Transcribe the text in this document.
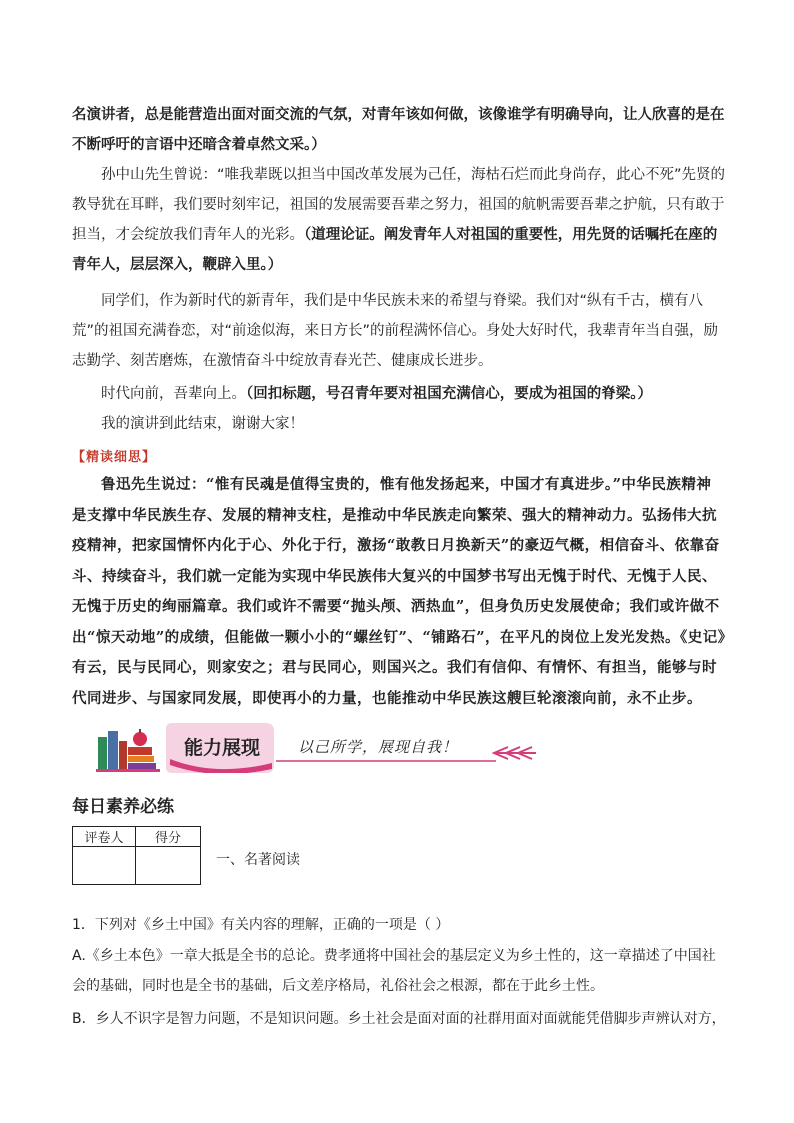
名演讲者，总是能营造出面对面交流的气氛，对青年该如何做，该像谁学有明确导向，让人欣喜的是在不断呼吁的言语中还暗含着卓然文采。）

孙中山先生曾说：“唯我辈既以担当中国改革发展为己任，海枯石烂而此身尚存，此心不死”先贤的教导犹在耳畔，我们要时刻牢记，祖国的发展需要吾辈之努力，祖国的航帆需要吾辈之护航，只有敢于担当，才会绽放我们青年人的光彩。（道理论证。阐发青年人对祖国的重要性，用先贤的话嘱托在座的青年人，层层深入，鞭辟入里。）

同学们，作为新时代的新青年，我们是中华民族未来的希望与脊梁。我们对“纵有千古，横有八荒”的祖国充满眷恋，对“前途似海，来日方长”的前程满怀信心。身处大好时代，我辈青年当自强，励志勤学、刻苦磨炼，在激情奋斗中绽放青春光芒、健康成长进步。

时代向前，吾辈向上。（回扣标题，号召青年要对祖国充满信心，要成为祖国的脊梁。）

我的演讲到此结束，谢谢大家！

【精读细思】

鲁迅先生说过：“惟有民魂是值得宝贵的，惟有他发扬起来，中国才有真进步。”中华民族精神是支撑中华民族生存、发展的精神支柱，是推动中华民族走向繁荣、强大的精神动力。弘扬伟大抗疫精神，把家国情怀内化于心、外化于行，激扬“敢教日月换新天”的豪迈气概，相信奋斗、依靠奋斗、持续奋斗，我们就一定能为实现中华民族伟大复兴的中国梦书写出无愧于时代、无愧于人民、无愧于历史的绚丽篇章。我们或许不需要“抛头颅、洒热血”，但身负历史发展使命；我们或许做不出“惊天动地”的成绩，但能做一颗小小的“螺丝钉”、“铺路石”，在平凡的岗位上发光发热。《史记》有云，民与民同心，则家安之；君与民同心，则国兴之。我们有信仰、有情怀、有担当，能够与时代同进步、与国家同发展，即使再小的力量，也能推动中华民族这艘巨轮滚滚向前，永不止步。

能力展现	以己所学，展现自我！
每日素养必练
评卷人	得分

一、名著阅读

1．下列对《乡土中国》有关内容的理解，正确的一项是（ ）

A.《乡土本色》一章大抵是全书的总论。费孝通将中国社会的基层定义为乡土性的，这一章描述了中国社会的基础，同时也是全书的基础，后文差序格局，礼俗社会之根源，都在于此乡土性。

B．乡人不识字是智力问题，不是知识问题。乡土社会是面对面的社群用面对面就能凭借脚步声辨认对方，
